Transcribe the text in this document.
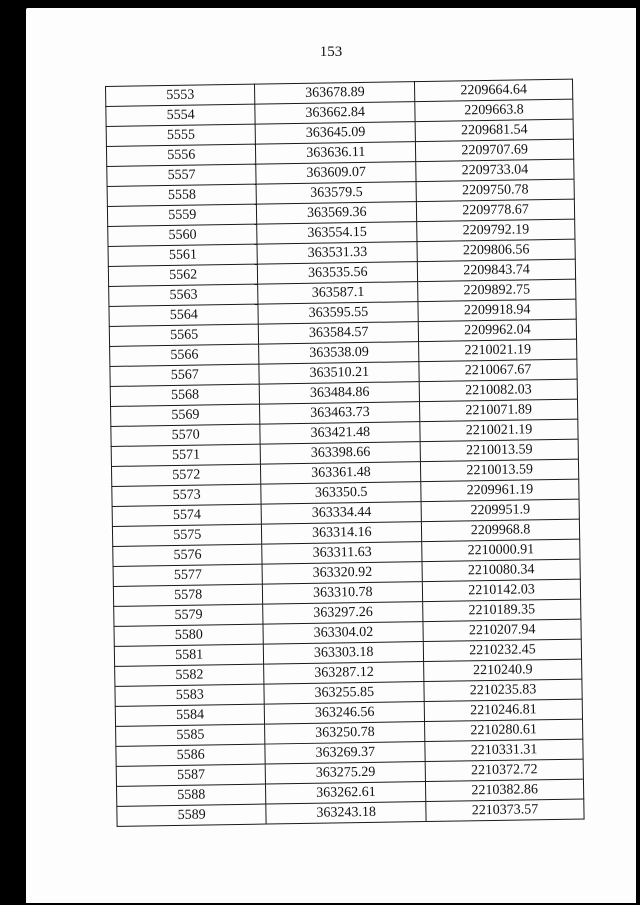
153
5553	363678.89	2209664.64
5554	363662.84	2209663.8
5555	363645.09	2209681.54
5556	363636.11	2209707.69
5557	363609.07	2209733.04
5558	363579.5	2209750.78
5559	363569.36	2209778.67
5560	363554.15	2209792.19
5561	363531.33	2209806.56
5562	363535.56	2209843.74
5563	363587.1	2209892.75
5564	363595.55	2209918.94
5565	363584.57	2209962.04
5566	363538.09	2210021.19
5567	363510.21	2210067.67
5568	363484.86	2210082.03
5569	363463.73	2210071.89
5570	363421.48	2210021.19
5571	363398.66	2210013.59
5572	363361.48	2210013.59
5573	363350.5	2209961.19
5574	363334.44	2209951.9
5575	363314.16	2209968.8
5576	363311.63	2210000.91
5577	363320.92	2210080.34
5578	363310.78	2210142.03
5579	363297.26	2210189.35
5580	363304.02	2210207.94
5581	363303.18	2210232.45
5582	363287.12	2210240.9
5583	363255.85	2210235.83
5584	363246.56	2210246.81
5585	363250.78	2210280.61
5586	363269.37	2210331.31
5587	363275.29	2210372.72
5588	363262.61	2210382.86
5589	363243.18	2210373.57
